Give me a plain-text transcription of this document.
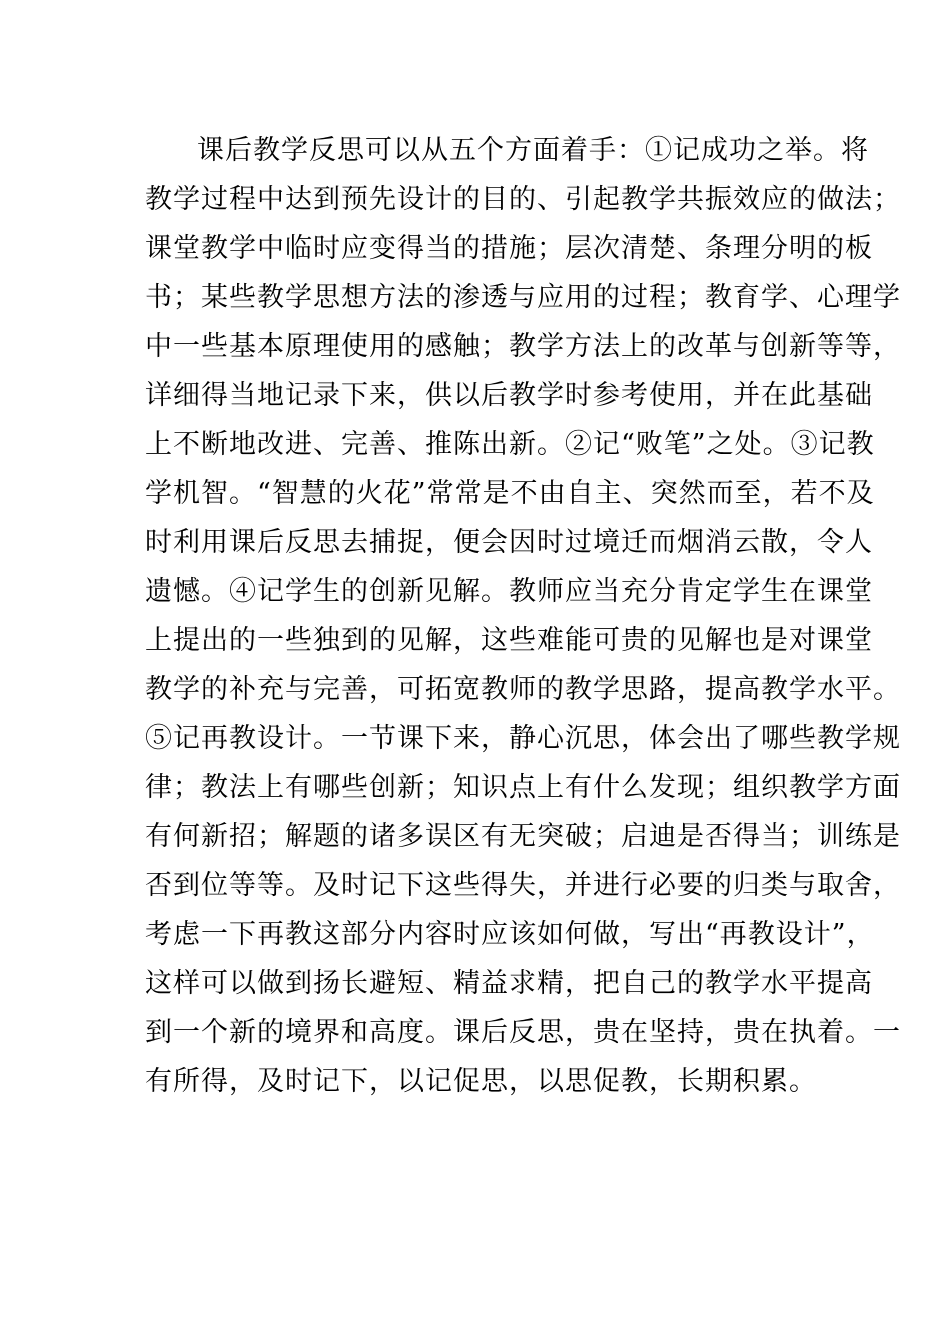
课后教学反思可以从五个方面着手：①记成功之举。将
教学过程中达到预先设计的目的、引起教学共振效应的做法；
课堂教学中临时应变得当的措施；层次清楚、条理分明的板
书；某些教学思想方法的渗透与应用的过程；教育学、心理学
中一些基本原理使用的感触；教学方法上的改革与创新等等，
详细得当地记录下来，供以后教学时参考使用，并在此基础
上不断地改进、完善、推陈出新。②记“败笔”之处。③记教
学机智。“智慧的火花”常常是不由自主、突然而至，若不及
时利用课后反思去捕捉，便会因时过境迁而烟消云散，令人
遗憾。④记学生的创新见解。教师应当充分肯定学生在课堂
上提出的一些独到的见解，这些难能可贵的见解也是对课堂
教学的补充与完善，可拓宽教师的教学思路，提高教学水平。
⑤记再教设计。一节课下来，静心沉思，体会出了哪些教学规
律；教法上有哪些创新；知识点上有什么发现；组织教学方面
有何新招；解题的诸多误区有无突破；启迪是否得当；训练是
否到位等等。及时记下这些得失，并进行必要的归类与取舍，
考虑一下再教这部分内容时应该如何做，写出“再教设计”，
这样可以做到扬长避短、精益求精，把自己的教学水平提高
到一个新的境界和高度。课后反思，贵在坚持，贵在执着。一
有所得，及时记下，以记促思，以思促教，长期积累。
